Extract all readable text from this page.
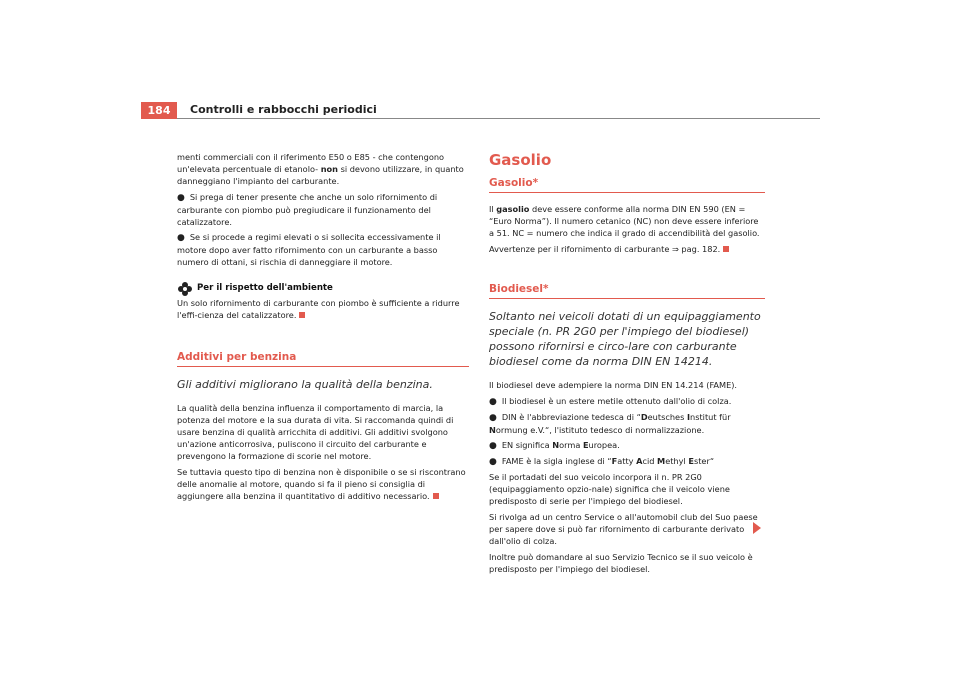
184	Controlli e rabbocchi periodici

menti commerciali con il riferimento E50 o E85 - che contengono un'elevata percentuale di etanolo- non si devono utilizzare, in quanto danneggiano l'impianto del carburante.

● Si prega di tener presente che anche un solo rifornimento di carburante con piombo può pregiudicare il funzionamento del catalizzatore.

● Se si procede a regimi elevati o si sollecita eccessivamente il motore dopo aver fatto rifornimento con un carburante a basso numero di ottani, si rischia di danneggiare il motore.

Per il rispetto dell'ambiente

Un solo rifornimento di carburante con piombo è sufficiente a ridurre l'effi-cienza del catalizzatore.

Additivi per benzina

Gli additivi migliorano la qualità della benzina.

La qualità della benzina influenza il comportamento di marcia, la potenza del motore e la sua durata di vita. Si raccomanda quindi di usare benzina di qualità arricchita di additivi. Gli additivi svolgono un'azione anticorrosiva, puliscono il circuito del carburante e prevengono la formazione di scorie nel motore.

Se tuttavia questo tipo di benzina non è disponibile o se si riscontrano delle anomalie al motore, quando si fa il pieno si consiglia di aggiungere alla benzina il quantitativo di additivo necessario.

Gasolio
Gasolio*

Il gasolio deve essere conforme alla norma DIN EN 590 (EN = “Euro Norma”). Il numero cetanico (NC) non deve essere inferiore a 51. NC = numero che indica il grado di accendibilità del gasolio.

Avvertenze per il rifornimento di carburante ⇒ pag. 182.

Biodiesel*

Soltanto nei veicoli dotati di un equipaggiamento speciale (n. PR 2G0 per l'impiego del biodiesel) possono rifornirsi e circo-lare con carburante biodiesel come da norma DIN EN 14214.

Il biodiesel deve adempiere la norma DIN EN 14.214 (FAME).

● Il biodiesel è un estere metile ottenuto dall'olio di colza.

● DIN è l'abbreviazione tedesca di “Deutsches Institut für Normung e.V.“, l'istituto tedesco di normalizzazione.

● EN significa Norma Europea.

● FAME è la sigla inglese di “Fatty Acid Methyl Ester“

Se il portadati del suo veicolo incorpora il n. PR 2G0 (equipaggiamento opzio-nale) significa che il veicolo viene predisposto di serie per l'impiego del biodiesel.

Si rivolga ad un centro Service o all'automobil club del Suo paese per sapere dove si può far rifornimento di carburante derivato dall'olio di colza.

Inoltre può domandare al suo Servizio Tecnico se il suo veicolo è predisposto per l'impiego del biodiesel.
